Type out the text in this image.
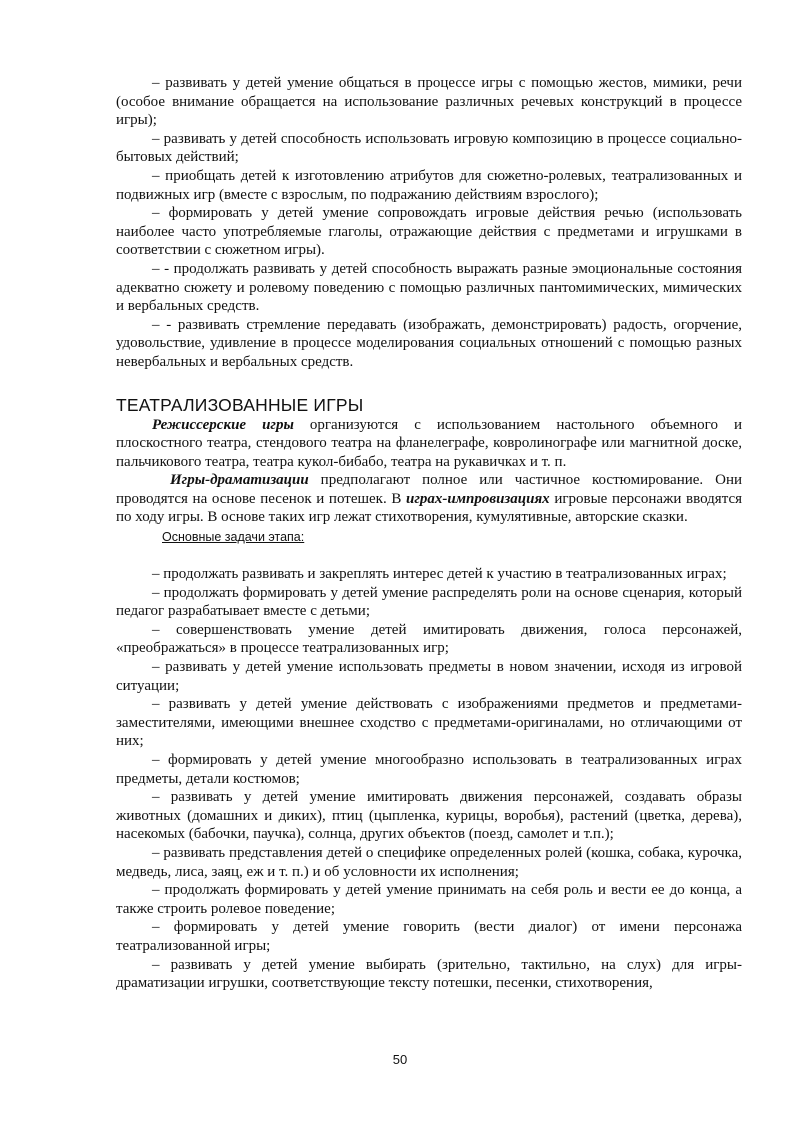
– развивать у детей умение общаться в процессе игры с помощью жестов, мимики, речи (особое внимание обращается на использование различных речевых конструкций в процессе игры);

– развивать у детей способность использовать игровую композицию в процессе социально-бытовых действий;

– приобщать детей к изготовлению атрибутов для сюжетно-ролевых, театрализованных и подвижных игр (вместе с взрослым, по подражанию действиям взрослого);

– формировать у детей умение сопровождать игровые действия речью (использовать наиболее часто употребляемые глаголы, отражающие действия с предметами и игрушками в соответствии с сюжетном игры).

– - продолжать развивать у детей способность выражать разные эмоциональные состояния адекватно сюжету и ролевому поведению с помощью различных пантомимических, мимических и вербальных средств.

– - развивать стремление передавать (изображать, демонстрировать) радость, огорчение, удовольствие, удивление в процессе моделирования социальных отношений с помощью разных невербальных и вербальных средств.

ТЕАТРАЛИЗОВАННЫЕ ИГРЫ

Режиссерские игры организуются с использованием настольного объемного и плоскостного театра, стендового театра на фланелеграфе, ковролинографе или магнитной доске, пальчикового театра, театра кукол-бибабо, театра на рукавичках и т. п.

Игры-драматизации предполагают полное или частичное костюмирование. Они проводятся на основе песенок и потешек. В играх-импровизациях игровые персонажи вводятся по ходу игры. В основе таких игр лежат стихотворения, кумулятивные, авторские сказки.

Основные задачи этапа:

– продолжать развивать и закреплять интерес детей к участию в театрализованных играх;

– продолжать формировать у детей умение распределять роли на основе сценария, который педагог разрабатывает вместе с детьми;

– совершенствовать умение детей имитировать движения, голоса персонажей, «преображаться» в процессе театрализованных игр;

– развивать у детей умение использовать предметы в новом значении, исходя из игровой ситуации;

– развивать у детей умение действовать с изображениями предметов и предметами-заместителями, имеющими внешнее сходство с предметами-оригиналами, но отличающими от них;

– формировать у детей умение многообразно использовать в театрализованных играх предметы, детали костюмов;

– развивать у детей умение имитировать движения персонажей, создавать образы животных (домашних и диких), птиц (цыпленка, курицы, воробья), растений (цветка, дерева), насекомых (бабочки, паучка), солнца, других объектов (поезд, самолет и т.п.);

– развивать представления детей о специфике определенных ролей (кошка, собака, курочка, медведь, лиса, заяц, еж и т. п.) и об условности их исполнения;

– продолжать формировать у детей умение принимать на себя роль и вести ее до конца, а также строить ролевое поведение;

– формировать у детей умение говорить (вести диалог) от имени персонажа театрализованной игры;

– развивать у детей умение выбирать (зрительно, тактильно, на слух) для игры-драматизации игрушки, соответствующие тексту потешки, песенки, стихотворения,

50
